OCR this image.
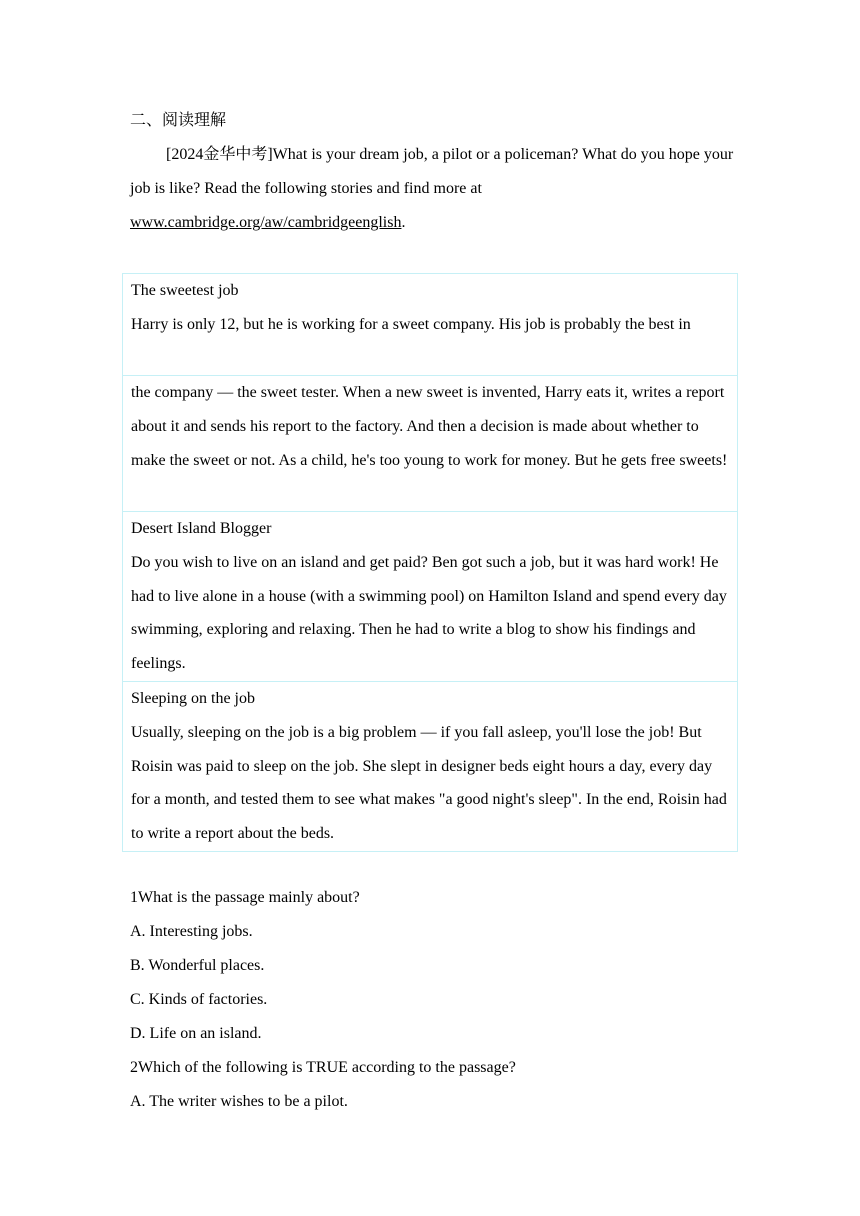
二、阅读理解

[2024金华中考]What is your dream job, a pilot or a policeman? What do you hope your job is like? Read the following stories and find more at www.cambridge.org/aw/cambridgeenglish.

The sweetest job
Harry is only 12, but he is working for a sweet company. His job is probably the best in

the company — the sweet tester. When a new sweet is invented, Harry eats it, writes a report about it and sends his report to the factory. And then a decision is made about whether to make the sweet or not. As a child, he's too young to work for money. But he gets free sweets!

Desert Island Blogger
Do you wish to live on an island and get paid? Ben got such a job, but it was hard work! He had to live alone in a house (with a swimming pool) on Hamilton Island and spend every day swimming, exploring and relaxing. Then he had to write a blog to show his findings and feelings.

Sleeping on the job
Usually, sleeping on the job is a big problem — if you fall asleep, you'll lose the job! But Roisin was paid to sleep on the job. She slept in designer beds eight hours a day, every day for a month, and tested them to see what makes "a good night's sleep". In the end, Roisin had to write a report about the beds.
1What is the passage mainly about?
A. Interesting jobs.
B. Wonderful places.
C. Kinds of factories.
D. Life on an island.
2Which of the following is TRUE according to the passage?
A. The writer wishes to be a pilot.
